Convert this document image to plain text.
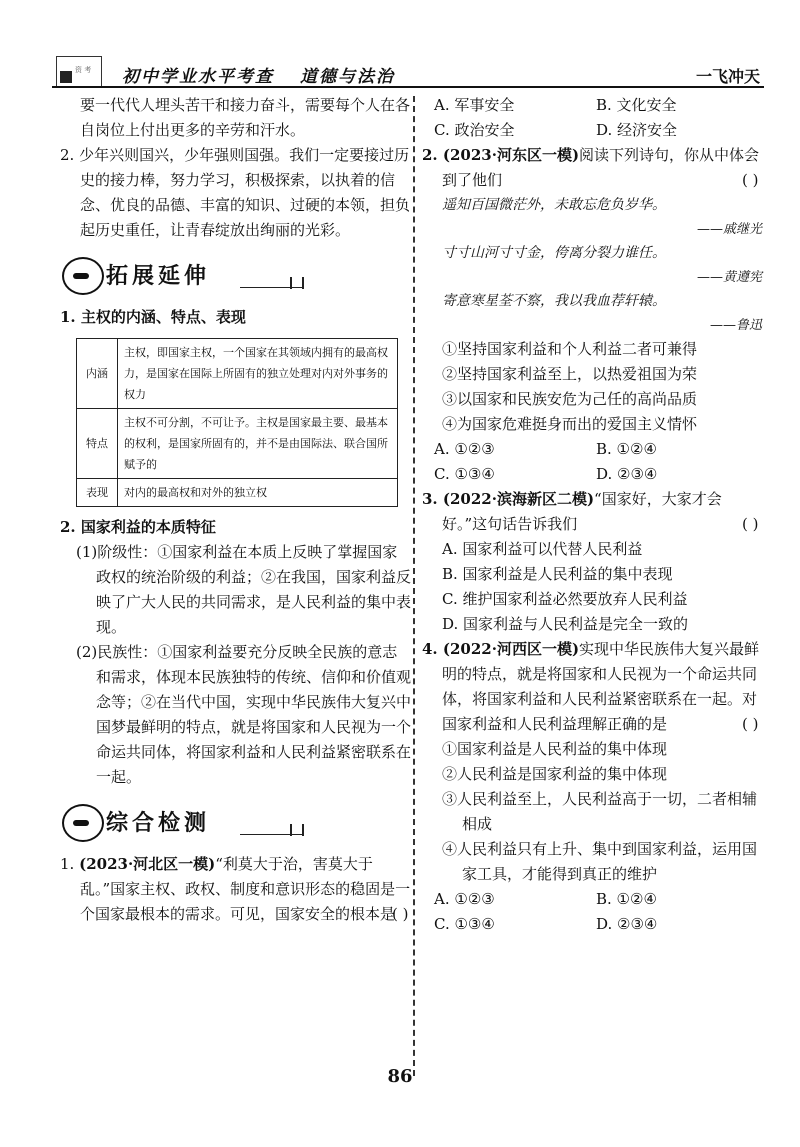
资 考 初中学业水平考查 道德与法治	一飞冲天

要一代代人埋头苦干和接力奋斗，需要每个人在各自岗位上付出更多的辛劳和汗水。

2. 少年兴则国兴，少年强则国强。我们一定要接过历史的接力棒，努力学习，积极探索，以执着的信念、优良的品德、丰富的知识、过硬的本领，担负起历史重任，让青春绽放出绚丽的光彩。

拓展延伸

1. 主权的内涵、特点、表现

内涵	主权，即国家主权，一个国家在其领域内拥有的最高权力，是国家在国际上所固有的独立处理对内对外事务的权力
特点	主权不可分割，不可让予。主权是国家最主要、最基本的权利，是国家所固有的，并不是由国际法、联合国所赋予的
表现	对内的最高权和对外的独立权

2. 国家利益的本质特征

(1)阶级性：①国家利益在本质上反映了掌握国家政权的统治阶级的利益；②在我国，国家利益反映了广大人民的共同需求，是人民利益的集中表现。

(2)民族性：①国家利益要充分反映全民族的意志和需求，体现本民族独特的传统、信仰和价值观念等；②在当代中国，实现中华民族伟大复兴中国梦最鲜明的特点，就是将国家和人民视为一个命运共同体，将国家利益和人民利益紧密联系在一起。

综合检测

1. (2023·河北区一模)“利莫大于治，害莫大于乱。”国家主权、政权、制度和意识形态的稳固是一个国家最根本的需求。可见，国家安全的根本是
( )

A. 军事安全	B. 文化安全
C. 政治安全	D. 经济安全

2. (2023·河东区一模)阅读下列诗句，你从中体会到了他们	( )

遥知百国微茫外，未敢忘危负岁华。
——戚继光
寸寸山河寸寸金，侉离分裂力谁任。
——黄遵宪
寄意寒星荃不察，我以我血荐轩辕。
——鲁迅

①坚持国家利益和个人利益二者可兼得

②坚持国家利益至上，以热爱祖国为荣

③以国家和民族安危为己任的高尚品质

④为国家危难挺身而出的爱国主义情怀

A. ①②③	B. ①②④
C. ①③④	D. ②③④

3. (2022·滨海新区二模)“国家好，大家才会好。”这句话告诉我们	( )

A. 国家利益可以代替人民利益

B. 国家利益是人民利益的集中表现

C. 维护国家利益必然要放弃人民利益

D. 国家利益与人民利益是完全一致的

4. (2022·河西区一模)实现中华民族伟大复兴最鲜明的特点，就是将国家和人民视为一个命运共同体，将国家利益和人民利益紧密联系在一起。对国家利益和人民利益理解正确的是	( )

①国家利益是人民利益的集中体现

②人民利益是国家利益的集中体现

③人民利益至上，人民利益高于一切，二者相辅相成

④人民利益只有上升、集中到国家利益，运用国家工具，才能得到真正的维护

A. ①②③	B. ①②④
C. ①③④	D. ②③④
86
